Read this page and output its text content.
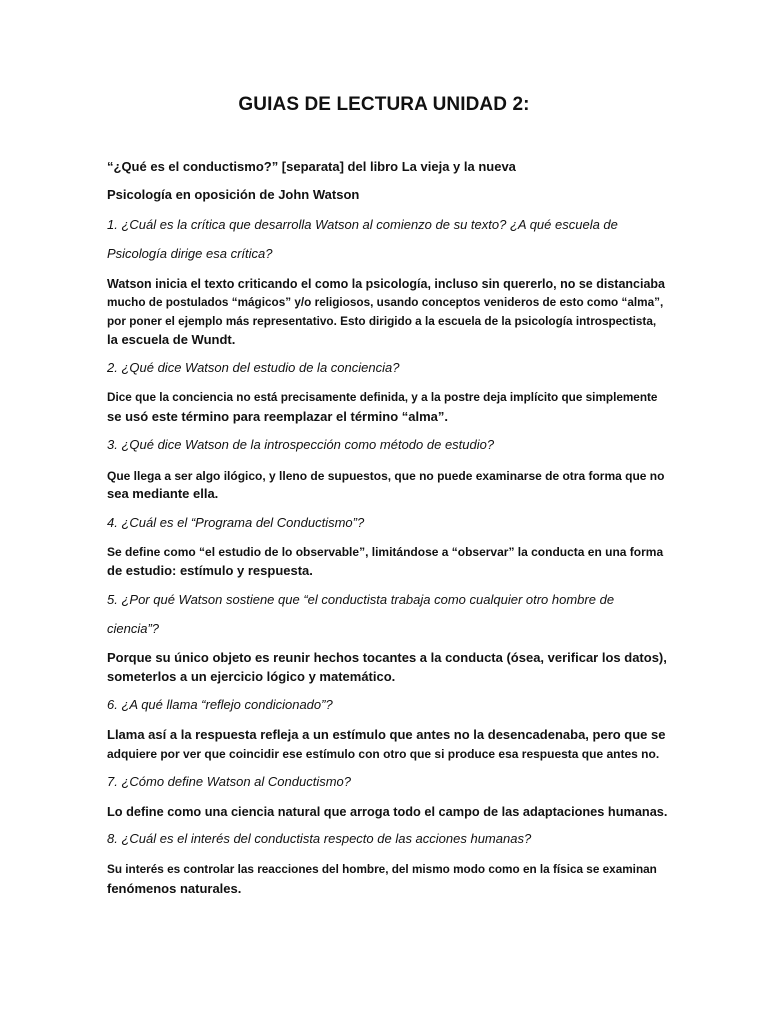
GUIAS DE LECTURA UNIDAD 2:
“¿Qué es el conductismo?” [separata] del libro La vieja y la nueva
Psicología en oposición de John Watson
1. ¿Cuál es la crítica que desarrolla Watson al comienzo de su texto? ¿A qué escuela de
Psicología dirige esa crítica?
Watson inicia el texto criticando el como la psicología, incluso sin quererlo, no se distanciaba
mucho de postulados “mágicos” y/o religiosos, usando conceptos venideros de esto como “alma”,
por poner el ejemplo más representativo. Esto dirigido a la escuela de la psicología introspectista,
la escuela de Wundt.
2. ¿Qué dice Watson del estudio de la conciencia?
Dice que la conciencia no está precisamente definida, y a la postre deja implícito que simplemente
se usó este término para reemplazar el término “alma”.
3. ¿Qué dice Watson de la introspección como método de estudio?
Que llega a ser algo ilógico, y lleno de supuestos, que no puede examinarse de otra forma que no
sea mediante ella.
4. ¿Cuál es el “Programa del Conductismo”?
Se define como “el estudio de lo observable”, limitándose a “observar” la conducta en una forma
de estudio: estímulo y respuesta.
5. ¿Por qué Watson sostiene que “el conductista trabaja como cualquier otro hombre de
ciencia”?
Porque su único objeto es reunir hechos tocantes a la conducta (ósea, verificar los datos),
someterlos a un ejercicio lógico y matemático.
6. ¿A qué llama “reflejo condicionado”?
Llama así a la respuesta refleja a un estímulo que antes no la desencadenaba, pero que se
adquiere por ver que coincidir ese estímulo con otro que si produce esa respuesta que antes no.
7. ¿Cómo define Watson al Conductismo?
Lo define como una ciencia natural que arroga todo el campo de las adaptaciones humanas.
8. ¿Cuál es el interés del conductista respecto de las acciones humanas?
Su interés es controlar las reacciones del hombre, del mismo modo como en la física se examinan
fenómenos naturales.
